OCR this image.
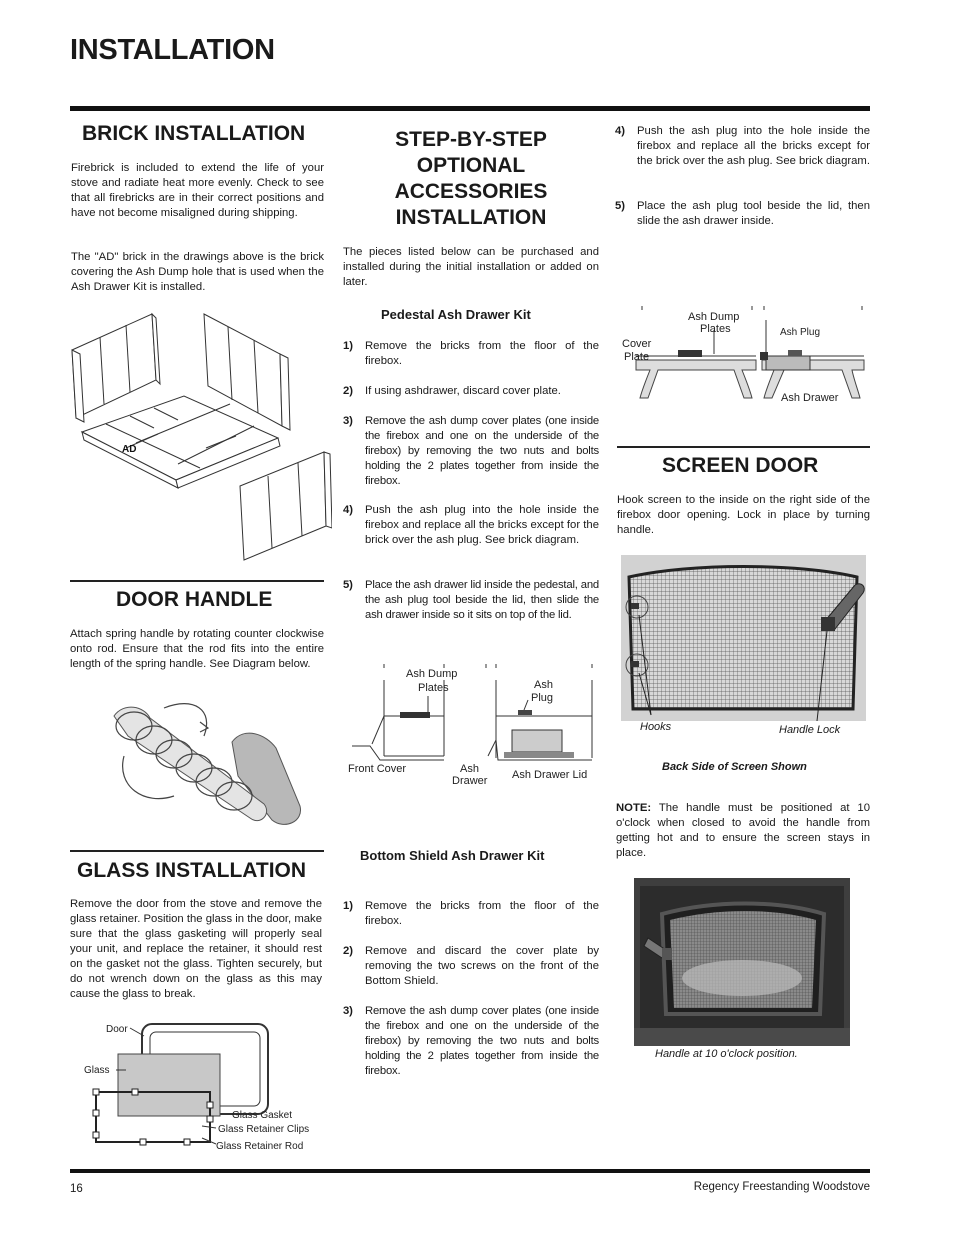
INSTALLATION
16	Regency Freestanding Woodstove
BRICK INSTALLATION
Firebrick is included to extend the life of your stove and radiate heat more evenly. Check to see that all firebricks are in their correct positions and have not become misaligned during shipping.
The "AD" brick in the drawings above is the brick covering the Ash Dump hole that is used when the Ash Drawer Kit is installed.
AD
DOOR HANDLE
Attach spring handle by rotating counter clockwise onto rod. Ensure that the rod fits into the entire length of the spring handle. See Diagram below.
GLASS INSTALLATION
Remove the door from the stove and remove the glass retainer. Position the glass in the door, make sure that the glass gasketing will properly seal your unit, and replace the retainer, it should rest on the gasket not the glass. Tighten securely, but do not wrench down on the glass as this may cause the glass to break.
Door
Glass
Glass Gasket
Glass Retainer Clips
Glass Retainer Rod
STEP-BY-STEP
OPTIONAL
ACCESSORIES
INSTALLATION
The pieces listed below can be purchased and installed during the initial installation or added on later.
Pedestal Ash Drawer Kit
1)	Remove the bricks from the floor of the firebox.
2)	If using ashdrawer, discard cover plate.
3)	Remove the ash dump cover plates (one inside the firebox and one on the underside of the firebox) by removing the two nuts and bolts holding the 2 plates together from inside the firebox.
4)	Push the ash plug into the hole inside the firebox and replace all the bricks except for the brick over the ash plug. See brick diagram.
5)	Place the ash drawer lid inside the pedestal, and the ash plug tool beside the lid, then slide the ash drawer inside so it sits on top of the lid.
Ash Dump
Plates	Ash
Plug
Front Cover	Ash
Drawer Ash Drawer Lid
Bottom Shield Ash Drawer Kit
1)	Remove the bricks from the floor of the firebox.
2)	Remove and discard the cover plate by removing the two screws on the front of the Bottom Shield.
3)	Remove the ash dump cover plates (one inside the firebox and one on the underside of the firebox) by removing the two nuts and bolts holding the 2 plates together from inside the firebox.
4)	Push the ash plug into the hole inside the firebox and replace all the bricks except for the brick over the ash plug. See brick diagram.
5)	Place the ash plug tool beside the lid, then slide the ash drawer inside.
Ash Dump
Plates
Cover
Plate
Ash Plug
Ash Drawer
SCREEN DOOR
Hook screen to the inside on the right side of the firebox door opening. Lock in place by turning handle.
Hooks	Handle Lock
Back Side of Screen Shown
NOTE: The handle must be positioned at 10 o'clock when closed to avoid the handle from getting hot and to ensure the screen stays in place.
Handle at 10 o'clock position.
